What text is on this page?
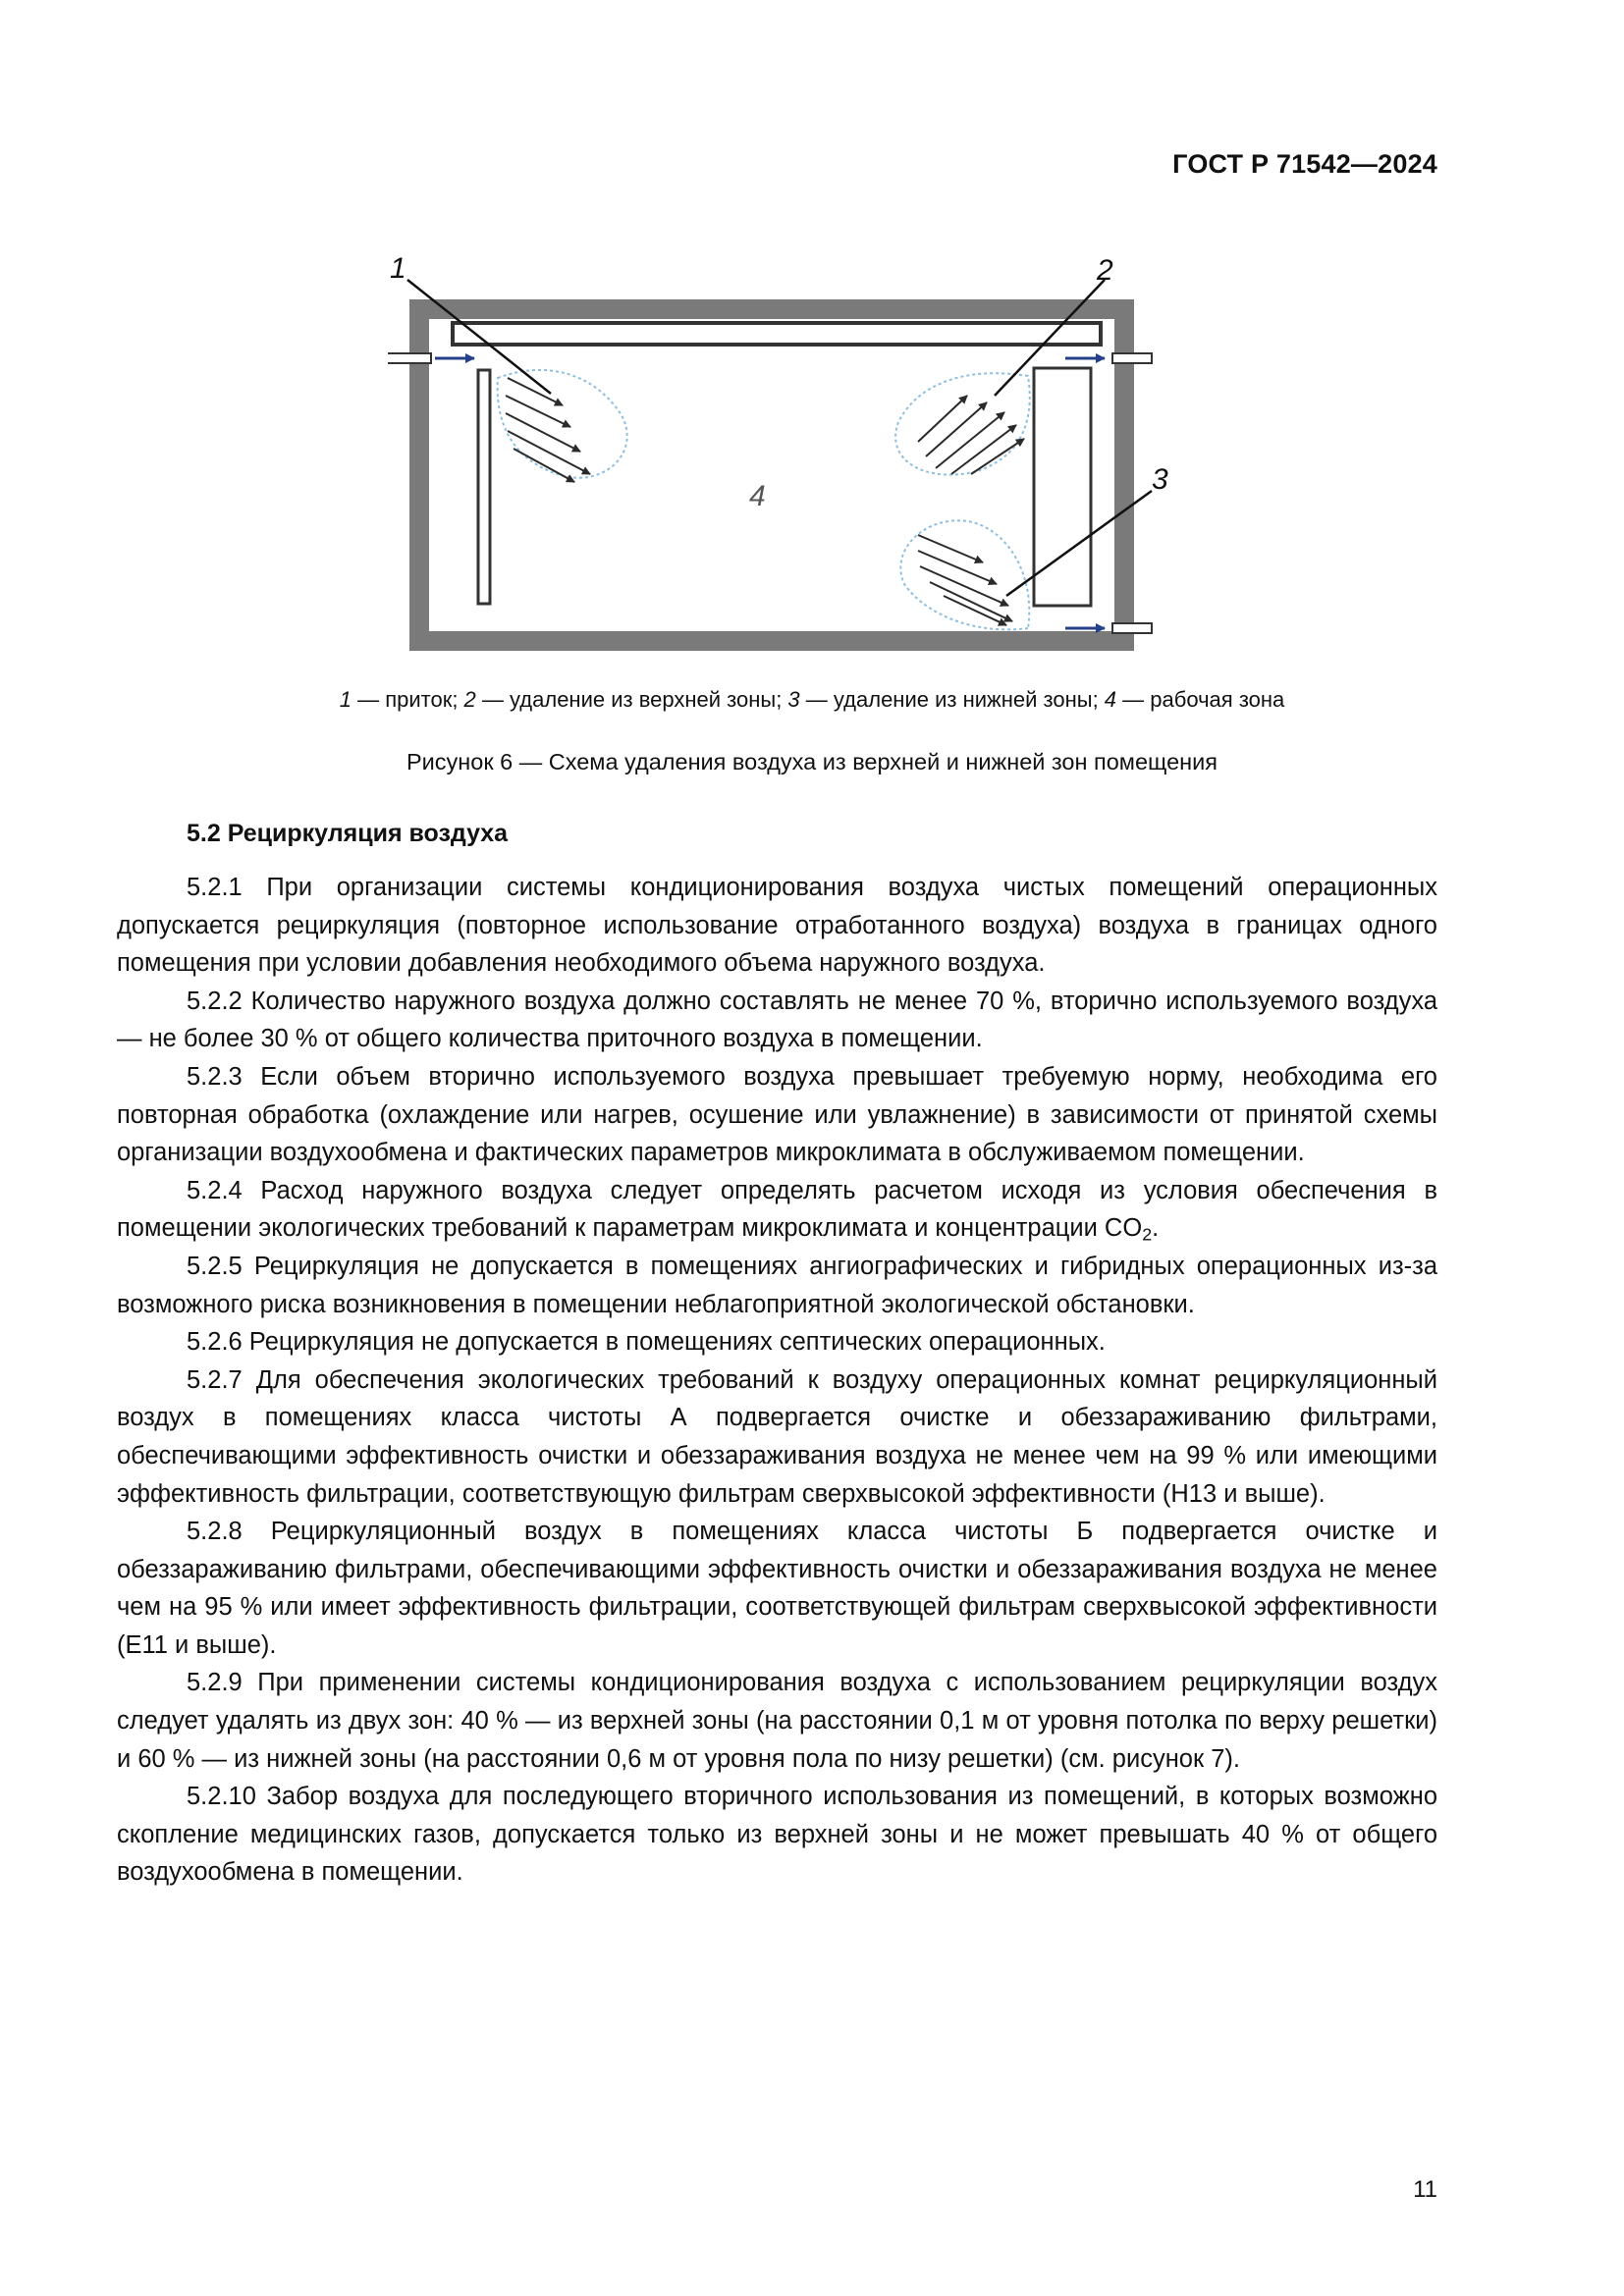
ГОСТ Р 71542—2024
1	2
3
4
1 — приток; 2 — удаление из верхней зоны; 3 — удаление из нижней зоны; 4 — рабочая зона
Рисунок 6 — Схема удаления воздуха из верхней и нижней зон помещения
5.2 Рециркуляция воздуха

5.2.1 При организации системы кондиционирования воздуха чистых помещений операционных допускается рециркуляция (повторное использование отработанного воздуха) воздуха в границах одного помещения при условии добавления необходимого объема наружного воздуха.

5.2.2 Количество наружного воздуха должно составлять не менее 70 %, вторично используемого воздуха — не более 30 % от общего количества приточного воздуха в помещении.

5.2.3 Если объем вторично используемого воздуха превышает требуемую норму, необходима его повторная обработка (охлаждение или нагрев, осушение или увлажнение) в зависимости от принятой схемы организации воздухообмена и фактических параметров микроклимата в обслуживаемом помещении.

5.2.4 Расход наружного воздуха следует определять расчетом исходя из условия обеспечения в помещении экологических требований к параметрам микроклимата и концентрации $CO_2$.

5.2.5 Рециркуляция не допускается в помещениях ангиографических и гибридных операционных из-за возможного риска возникновения в помещении неблагоприятной экологической обстановки.

5.2.6 Рециркуляция не допускается в помещениях септических операционных.

5.2.7 Для обеспечения экологических требований к воздуху операционных комнат рециркуляционный воздух в помещениях класса чистоты А подвергается очистке и обеззараживанию фильтрами, обеспечивающими эффективность очистки и обеззараживания воздуха не менее чем на 99 % или имеющими эффективность фильтрации, соответствующую фильтрам сверхвысокой эффективности (Н13 и выше).

5.2.8 Рециркуляционный воздух в помещениях класса чистоты Б подвергается очистке и обеззараживанию фильтрами, обеспечивающими эффективность очистки и обеззараживания воздуха не менее чем на 95 % или имеет эффективность фильтрации, соответствующей фильтрам сверхвысокой эффективности (Е11 и выше).

5.2.9 При применении системы кондиционирования воздуха с использованием рециркуляции воздух следует удалять из двух зон: 40 % — из верхней зоны (на расстоянии 0,1 м от уровня потолка по верху решетки) и 60 % — из нижней зоны (на расстоянии 0,6 м от уровня пола по низу решетки) (см. рисунок 7).

5.2.10 Забор воздуха для последующего вторичного использования из помещений, в которых возможно скопление медицинских газов, допускается только из верхней зоны и не может превышать 40 % от общего воздухообмена в помещении.

11
